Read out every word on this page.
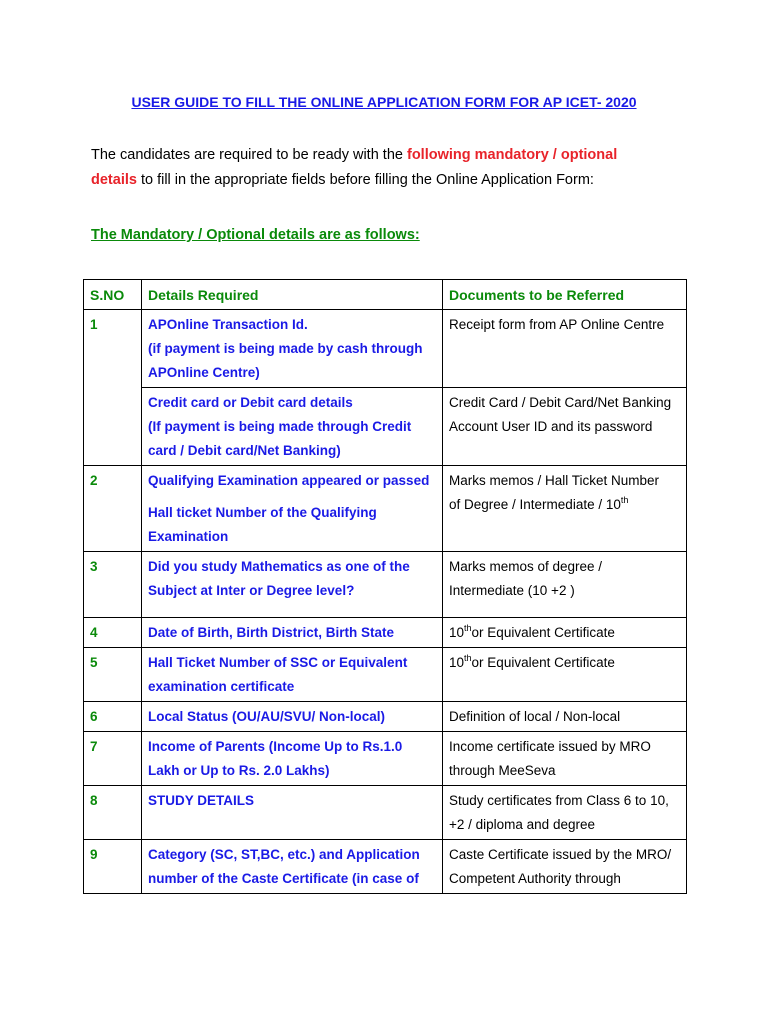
USER GUIDE TO FILL THE ONLINE APPLICATION FORM FOR AP ICET- 2020
The candidates are required to be ready with the following mandatory / optional
details to fill in the appropriate fields before filling the Online Application Form:
The Mandatory / Optional details are as follows:
S.NO	Details Required	Documents to be Referred
1	APOnline Transaction Id.
(if payment is being made by cash through
APOnline Centre)	Receipt form from AP Online Centre

	Credit card or Debit card details
(If payment is being made through Credit
card / Debit card/Net Banking)	Credit Card / Debit Card/Net Banking
Account User ID and its password

2	Qualifying Examination appeared or passed
Hall ticket Number of the Qualifying
Examination	Marks memos / Hall Ticket Number
of Degree / Intermediate / 10th

3	Did you study Mathematics as one of the
Subject at Inter or Degree level?	Marks memos of degree /
Intermediate (10 +2 )

4	Date of Birth, Birth District, Birth State	10thor Equivalent Certificate

5	Hall Ticket Number of SSC or Equivalent
examination certificate	10thor Equivalent Certificate

6	Local Status (OU/AU/SVU/ Non-local)	Definition of local / Non-local

7	Income of Parents (Income Up to Rs.1.0
Lakh or Up to Rs. 2.0 Lakhs)	Income certificate issued by MRO
through MeeSeva

8	STUDY DETAILS	Study certificates from Class 6 to 10,
+2 / diploma and degree

9	Category (SC, ST,BC, etc.) and Application
number of the Caste Certificate (in case of	Caste Certificate issued by the MRO/
Competent Authority through
